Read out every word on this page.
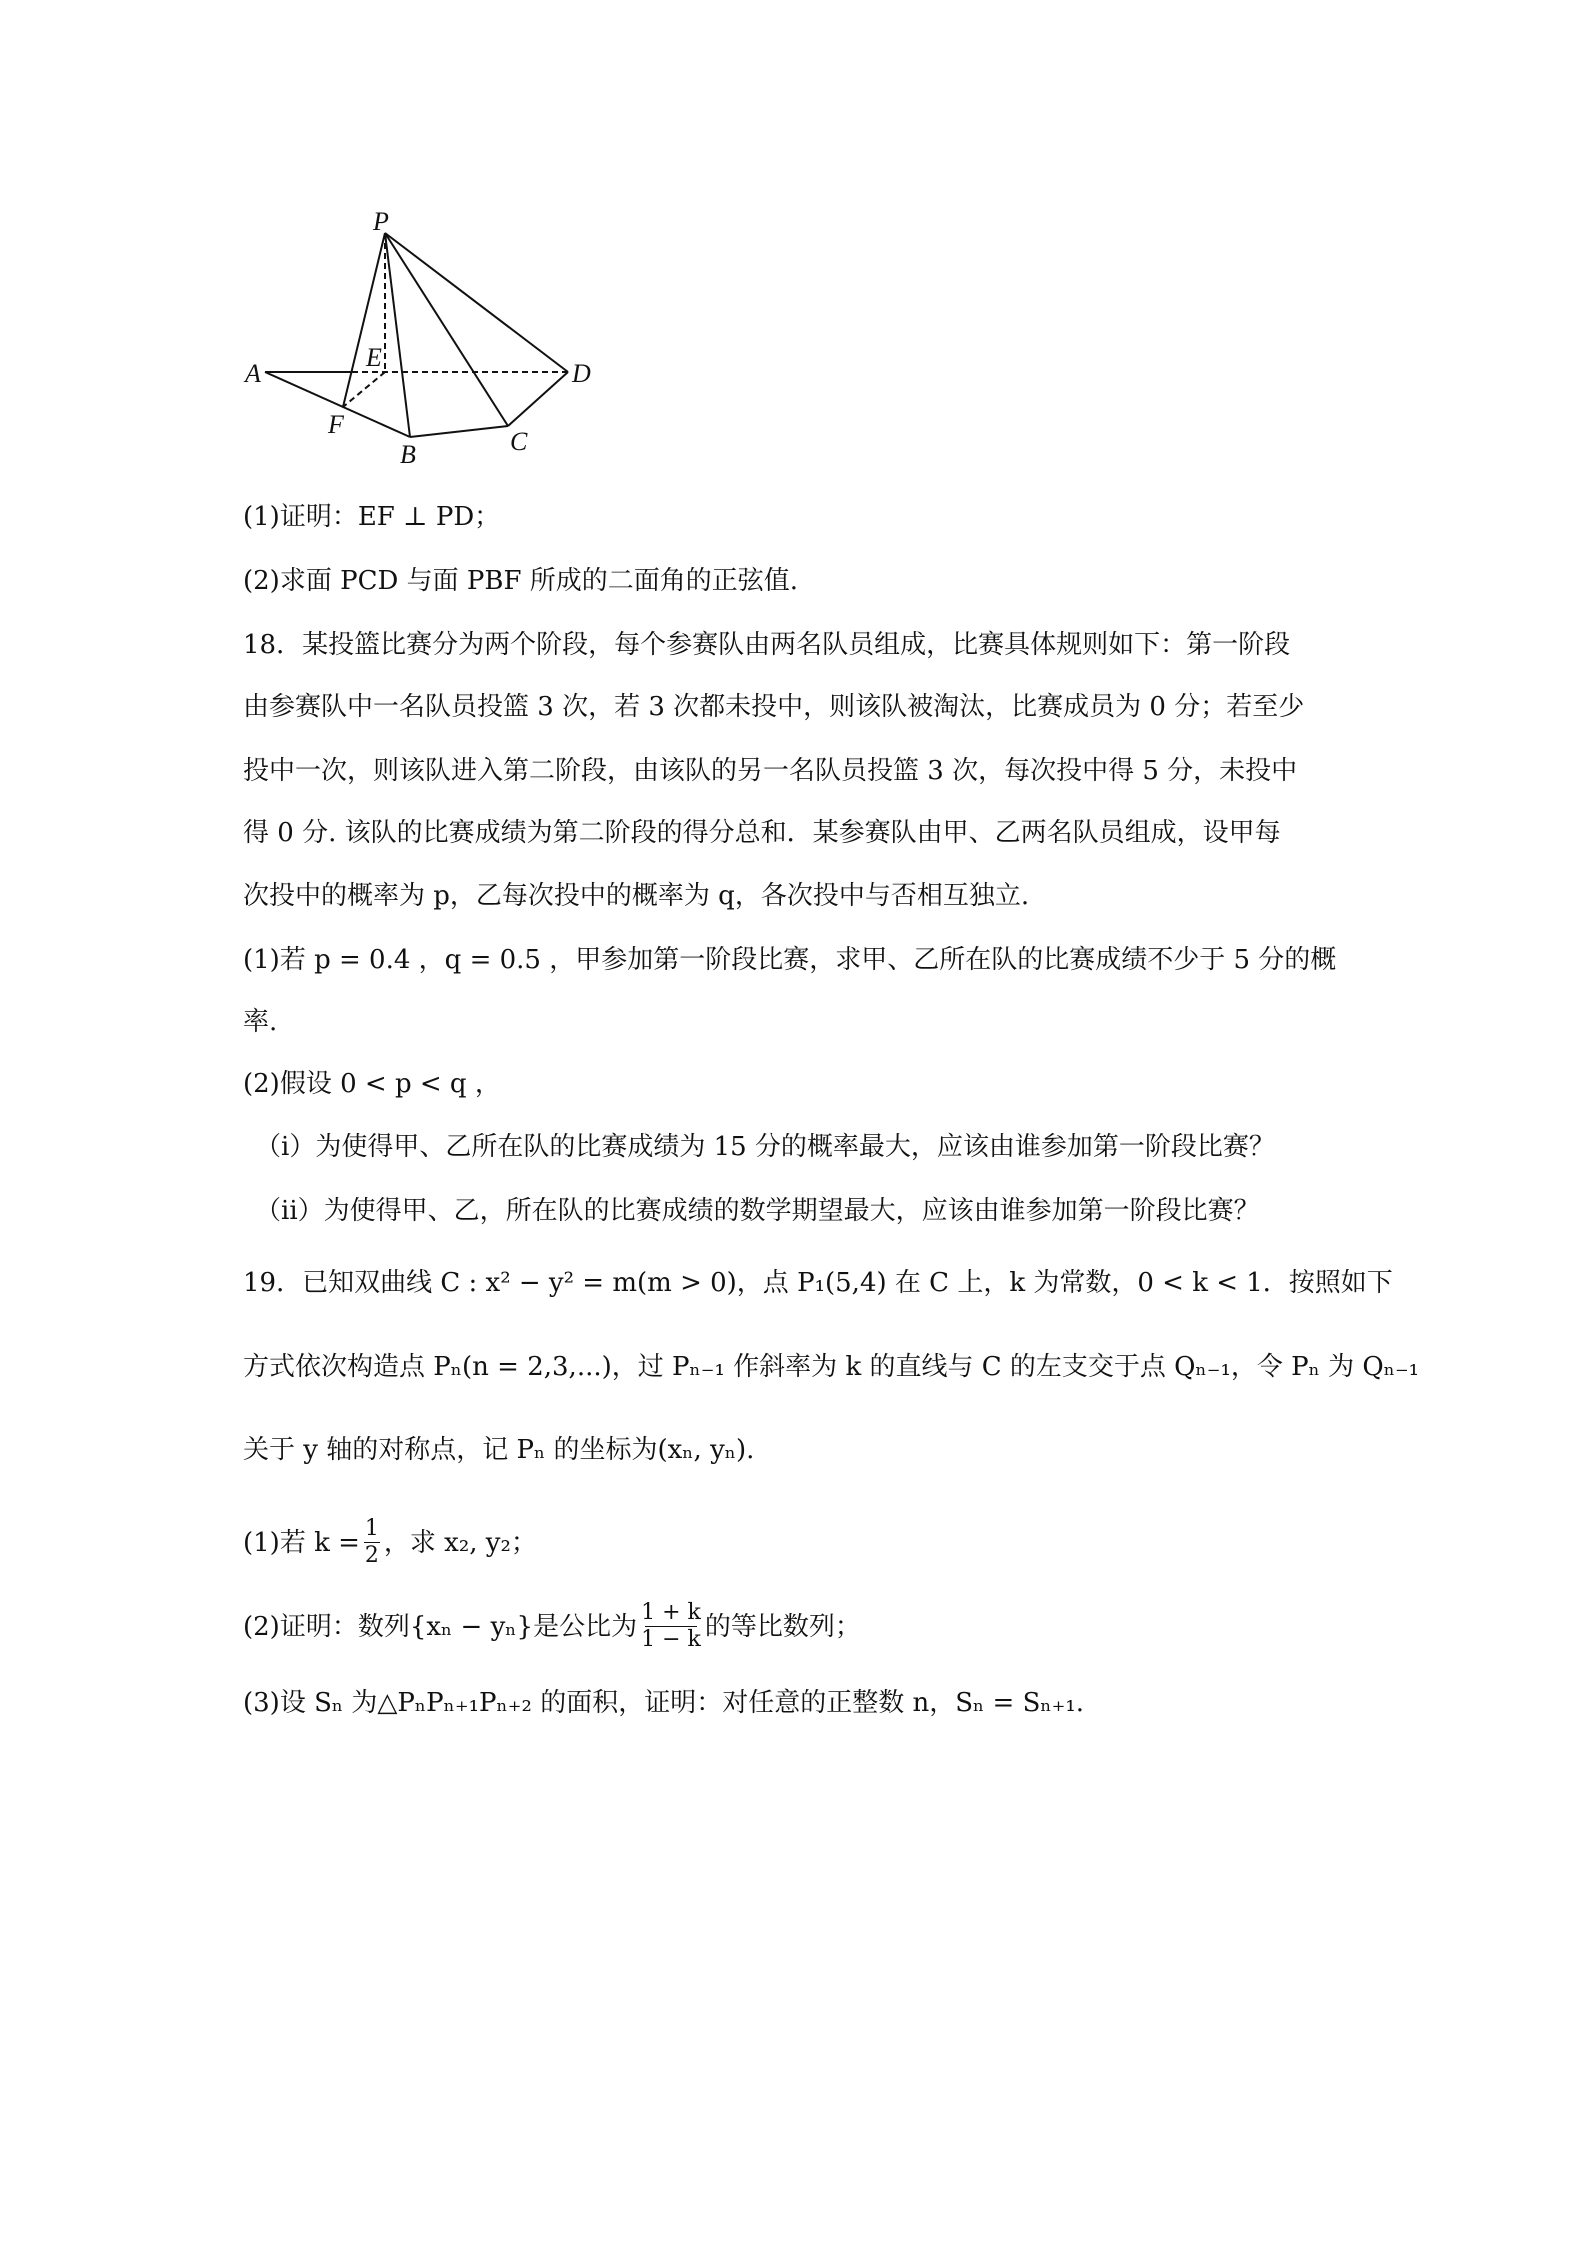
P
A
E
D
F
B	C
(1)证明：EF ⊥ PD；
(2)求面 PCD 与面 PBF 所成的二面角的正弦值.
18．某投篮比赛分为两个阶段，每个参赛队由两名队员组成，比赛具体规则如下：第一阶段
由参赛队中一名队员投篮 3 次，若 3 次都未投中，则该队被淘汰，比赛成员为 0 分；若至少
投中一次，则该队进入第二阶段，由该队的另一名队员投篮 3 次，每次投中得 5 分，未投中
得 0 分. 该队的比赛成绩为第二阶段的得分总和．某参赛队由甲、乙两名队员组成，设甲每
次投中的概率为 p，乙每次投中的概率为 q，各次投中与否相互独立.
(1)若 p = 0.4 ，q = 0.5 ，甲参加第一阶段比赛，求甲、乙所在队的比赛成绩不少于 5 分的概
率.
(2)假设 0 < p < q ，
（i）为使得甲、乙所在队的比赛成绩为 15 分的概率最大，应该由谁参加第一阶段比赛？
（ii）为使得甲、乙，所在队的比赛成绩的数学期望最大，应该由谁参加第一阶段比赛？
19．已知双曲线 C : x² − y² = m(m > 0)，点 P₁(5,4) 在 C 上，k 为常数，0 < k < 1．按照如下
方式依次构造点 Pₙ(n = 2,3,...)，过 Pₙ₋₁ 作斜率为 k 的直线与 C 的左支交于点 Qₙ₋₁，令 Pₙ 为 Qₙ₋₁
关于 y 轴的对称点，记 Pₙ 的坐标为(xₙ, yₙ).
(1)若 k = 1
2 ，求 x₂, y₂；
(2)证明：数列{xₙ − yₙ}是公比为 1 + k
1 − k 的等比数列；
(3)设 Sₙ 为△PₙPₙ₊₁Pₙ₊₂ 的面积，证明：对任意的正整数 n，Sₙ = Sₙ₊₁.
